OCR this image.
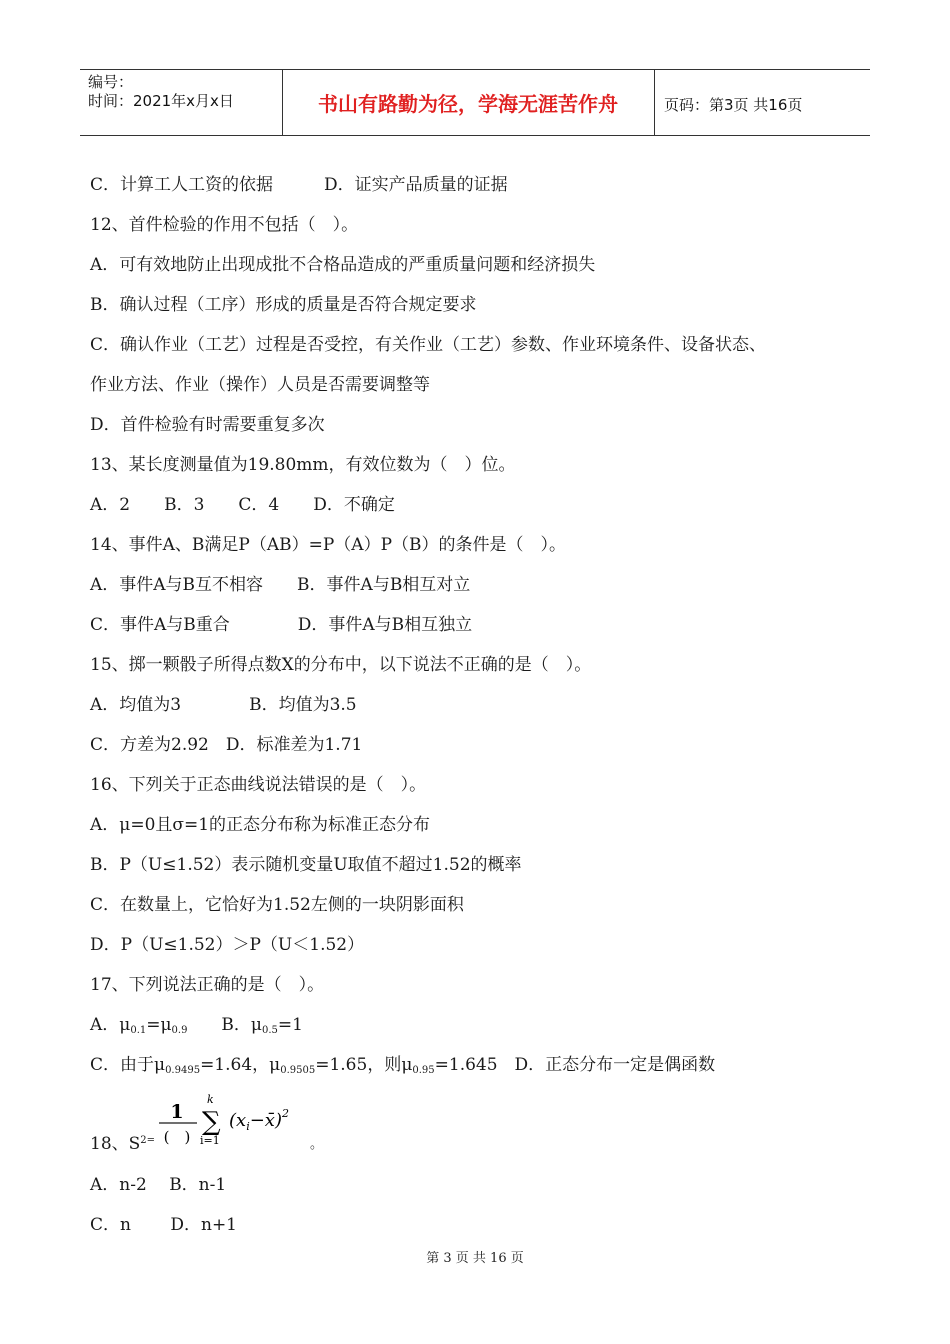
编号：
时间：2021年x月x日	书山有路勤为径，学海无涯苦作舟	页码：第3页 共16页
C．计算工人工资的依据　　　D．证实产品质量的证据
12、首件检验的作用不包括（　）。
A．可有效地防止出现成批不合格品造成的严重质量问题和经济损失
B．确认过程（工序）形成的质量是否符合规定要求
C．确认作业（工艺）过程是否受控，有关作业（工艺）参数、作业环境条件、设备状态、
作业方法、作业（操作）人员是否需要调整等
D．首件检验有时需要重复多次
13、某长度测量值为19.80mm，有效位数为（　）位。
A．2　　B．3　　C．4　　D．不确定
14、事件A、B满足P（AB）=P（A）P（B）的条件是（　）。
A．事件A与B互不相容　　B．事件A与B相互对立
C．事件A与B重合　　　　D．事件A与B相互独立
15、掷一颗骰子所得点数X的分布中，以下说法不正确的是（　）。
A．均值为3　　　　B．均值为3.5
C．方差为2.92　D．标准差为1.71
16、下列关于正态曲线说法错误的是（　）。
A．μ=0且σ=1的正态分布称为标准正态分布
B．P（U≤1.52）表示随机变量U取值不超过1.52的概率
C．在数量上，它恰好为1.52左侧的一块阴影面积
D．P（U≤1.52）＞P（U＜1.52）
17、下列说法正确的是（　）。
A．$\mu_{0.1}=\mu_{0.9}$　　B．$\mu_{0.5}=1$
C．由于$\mu_{0.9495}=1.64$，$\mu_{0.9505}=1.65$，则$\mu_{0.95}=1.645$　D．正态分布一定是偶函数
18、$S^{2=}$
1
(　)
k
∑
i=1
$(x_i-x̄)^2$
。
A．n-2　 B．n-1
C．n　　 D．n+1
第 3 页 共 16 页
